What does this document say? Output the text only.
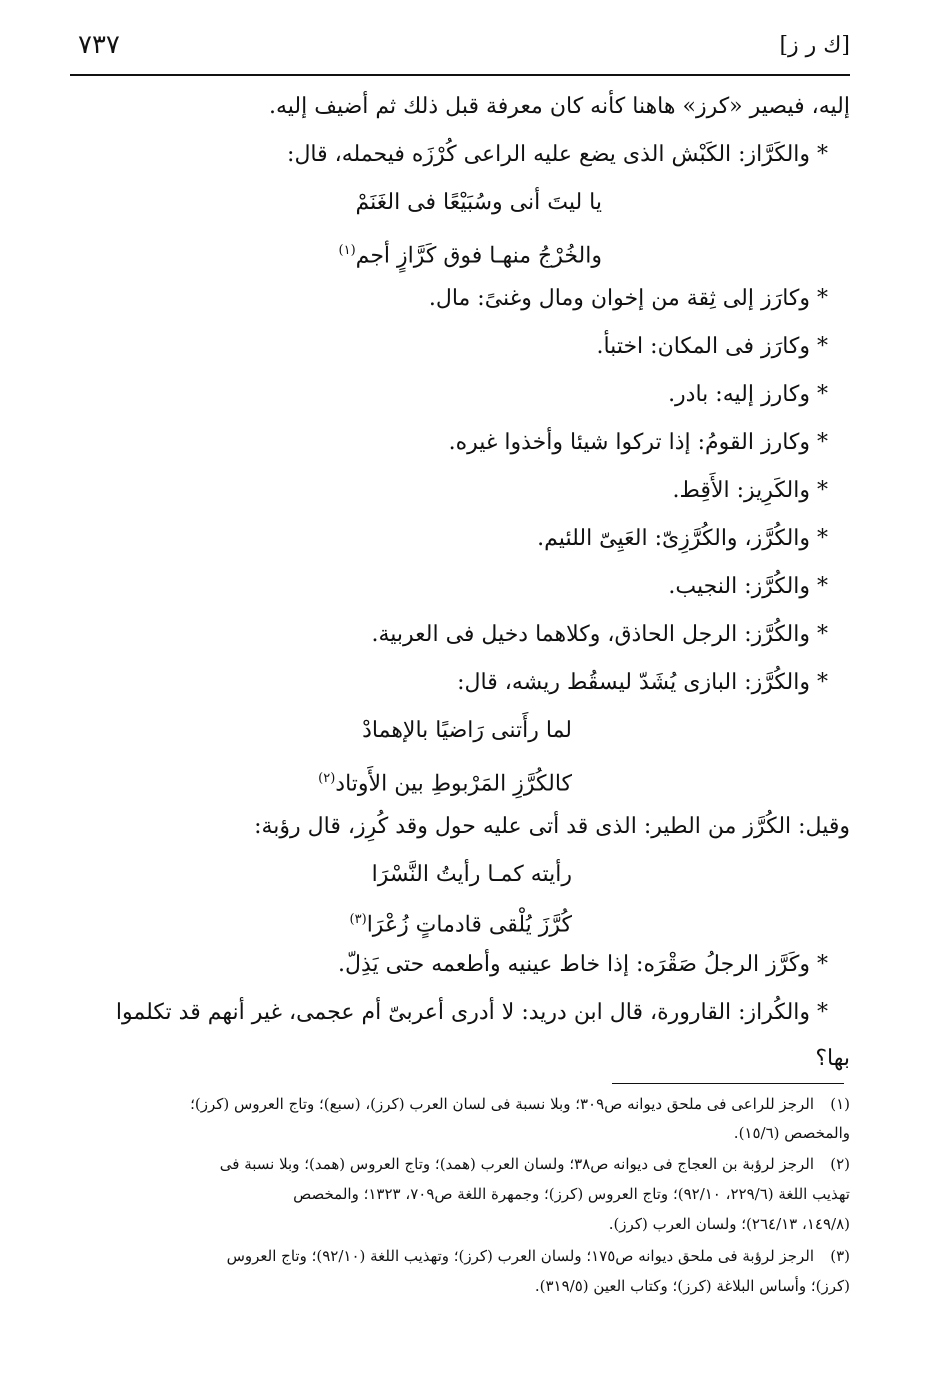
[ك ر ز]
٧٣٧
إليه، فيصير «كرز» هاهنا كأنه كان معرفة قبل ذلك ثم أضيف إليه.
* والكَرَّاز: الكَبْش الذى يضع عليه الراعى كُرْزَه فيحمله، قال:
يا ليتَ أنى وسُبَيْعًا فى الغَنَمْ
والخُرْجُ منهـا فوق كَرَّازٍ أجم$^{(١)}$
* وكارَز إلى ثِقة من إخوان ومال وغنىً: مال.
* وكارَز فى المكان: اختبأ.
* وكارز إليه: بادر.
* وكارز القومُ: إذا تركوا شيئا وأخذوا غيره.
* والكَرِيز: الأَقِط.
* والكُرَّز، والكُرَّزِىّ: العَيِىّ اللئيم.
* والكُرَّز: النجيب.
* والكُرَّز: الرجل الحاذق، وكلاهما دخيل فى العربية.
* والكُرَّز: البازى يُشَدّ ليسقُط ريشه، قال:
لما رأَتنى رَاضيًا بالإهمادْ
كالكُرَّزِ المَرْبوطِ بين الأَوتاد$^{(٢)}$
وقيل: الكُرَّز من الطير: الذى قد أتى عليه حول وقد كُرِز، قال رؤبة:
رأيته كمـا رأيتُ النَّسْرَا
كُرَّزَ يُلْقى قادماتٍ زُعْرَا$^{(٣)}$
* وكَرَّز الرجلُ صَقْرَه: إذا خاط عينيه وأطعمه حتى يَذِلّ.
* والكُراز: القارورة، قال ابن دريد: لا أدرى أعربىّ أم عجمى، غير أنهم قد تكلموا
بها؟
(١)
الرجز للراعى فى ملحق ديوانه ص٣٠٩؛ وبلا نسبة فى لسان العرب (كرز)، (سبع)؛ وتاج العروس (كرز)؛
والمخصص (١٥/٦).
(٢)
الرجز لرؤبة بن العجاج فى ديوانه ص٣٨؛ ولسان العرب (همد)؛ وتاج العروس (همد)؛ وبلا نسبة فى
تهذيب اللغة (٢٢٩/٦، ٩٢/١٠)؛ وتاج العروس (كرز)؛ وجمهرة اللغة ص٧٠٩، ١٣٢٣؛ والمخصص
(١٤٩/٨، ٢٦٤/١٣)؛ ولسان العرب (كرز).
(٣)
الرجز لرؤبة فى ملحق ديوانه ص١٧٥؛ ولسان العرب (كرز)؛ وتهذيب اللغة (٩٢/١٠)؛ وتاج العروس
(كرز)؛ وأساس البلاغة (كرز)؛ وكتاب العين (٣١٩/٥).
